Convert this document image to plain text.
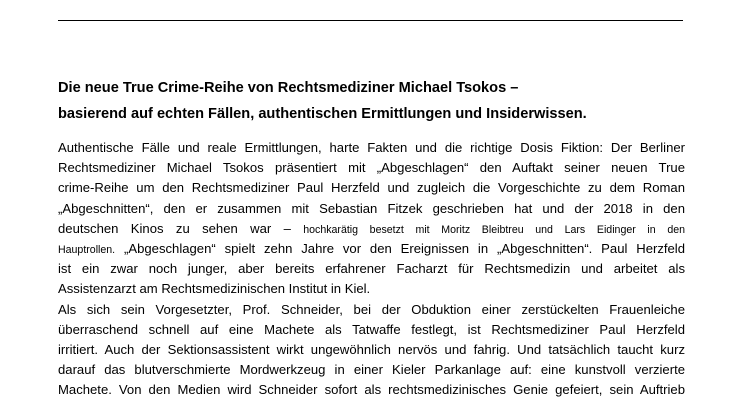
Die neue True Crime-Reihe von Rechtsmediziner Michael Tsokos –
basierend auf echten Fällen, authentischen Ermittlungen und Insiderwissen.
Authentische Fälle und reale Ermittlungen, harte Fakten und die richtige Dosis Fiktion: Der Berliner
Rechtsmediziner Michael Tsokos präsentiert mit „Abgeschlagen“ den Auftakt seiner neuen True
crime-Reihe um den Rechtsmediziner Paul Herzfeld und zugleich die Vorgeschichte zu dem Roman
„Abgeschnitten“, den er zusammen mit Sebastian Fitzek geschrieben hat und der 2018 in den
deutschen Kinos zu sehen war – hochkarätig besetzt mit Moritz Bleibtreu und Lars Eidinger in den
Hauptrollen. „Abgeschlagen“ spielt zehn Jahre vor den Ereignissen in „Abgeschnitten“. Paul Herzfeld
ist ein zwar noch junger, aber bereits erfahrener Facharzt für Rechtsmedizin und arbeitet als
Assistenzarzt am Rechtsmedizinischen Institut in Kiel.
Als sich sein Vorgesetzter, Prof. Schneider, bei der Obduktion einer zerstückelten Frauenleiche
überraschend schnell auf eine Machete als Tatwaffe festlegt, ist Rechtsmediziner Paul Herzfeld
irritiert. Auch der Sektionsassistent wirkt ungewöhnlich nervös und fahrig. Und tatsächlich taucht kurz
darauf das blutverschmierte Mordwerkzeug in einer Kieler Parkanlage auf: eine kunstvoll verzierte
Machete. Von den Medien wird Schneider sofort als rechtsmedizinisches Genie gefeiert, sein Auftrieb
